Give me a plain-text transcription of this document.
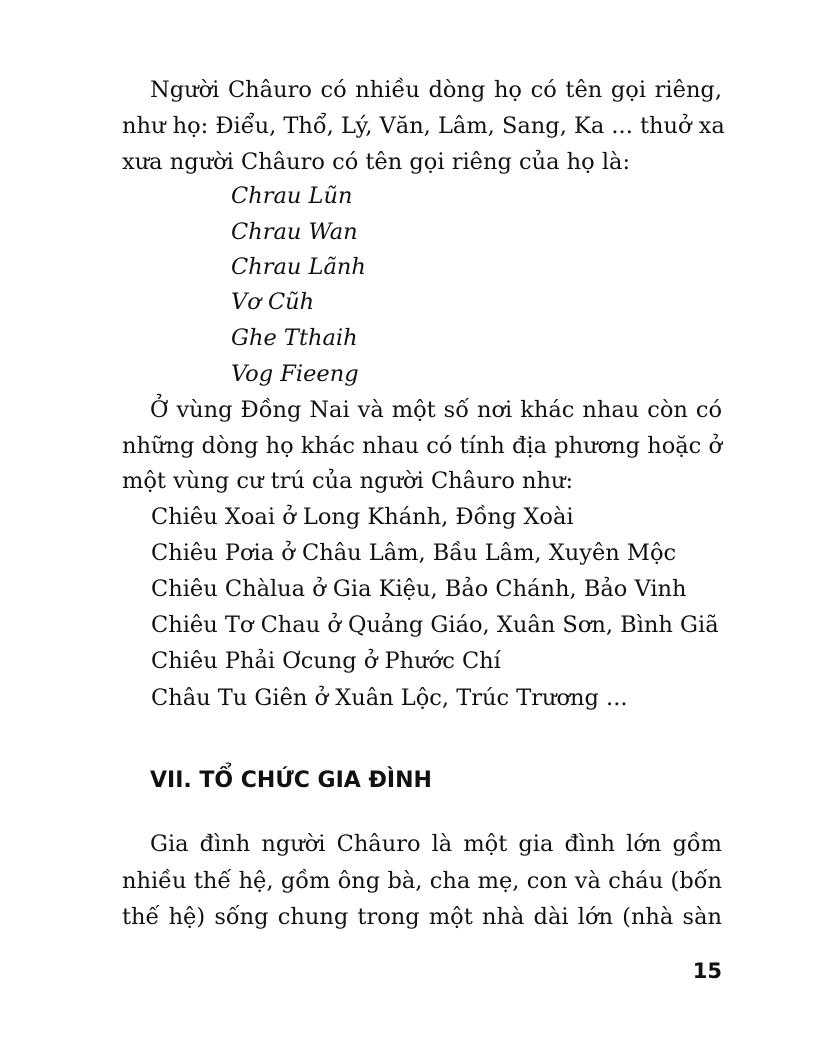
Người Châuro có nhiều dòng họ có tên gọi riêng,
như họ: Điểu, Thổ, Lý, Văn, Lâm, Sang, Ka ... thuở xa
xưa người Châuro có tên gọi riêng của họ là:
Chrau Lũn
Chrau Wan
Chrau Lãnh
Vơ Cũh
Ghe Tthaih
Vog Fieeng
Ở vùng Đồng Nai và một số nơi khác nhau còn có
những dòng họ khác nhau có tính địa phương hoặc ở
một vùng cư trú của người Châuro như:
Chiêu Xoai ở Long Khánh, Đồng Xoài
Chiêu Pơia ở Châu Lâm, Bầu Lâm, Xuyên Mộc
Chiêu Chàlua ở Gia Kiệu, Bảo Chánh, Bảo Vinh
Chiêu Tơ Chau ở Quảng Giáo, Xuân Sơn, Bình Giã
Chiêu Phải Ơcung ở Phước Chí
Châu Tu Giên ở Xuân Lộc, Trúc Trương ...
VII. TỔ CHỨC GIA ĐÌNH
Gia đình người Châuro là một gia đình lớn gồm
nhiều thế hệ, gồm ông bà, cha mẹ, con và cháu (bốn
thế hệ) sống chung trong một nhà dài lớn (nhà sàn
15
